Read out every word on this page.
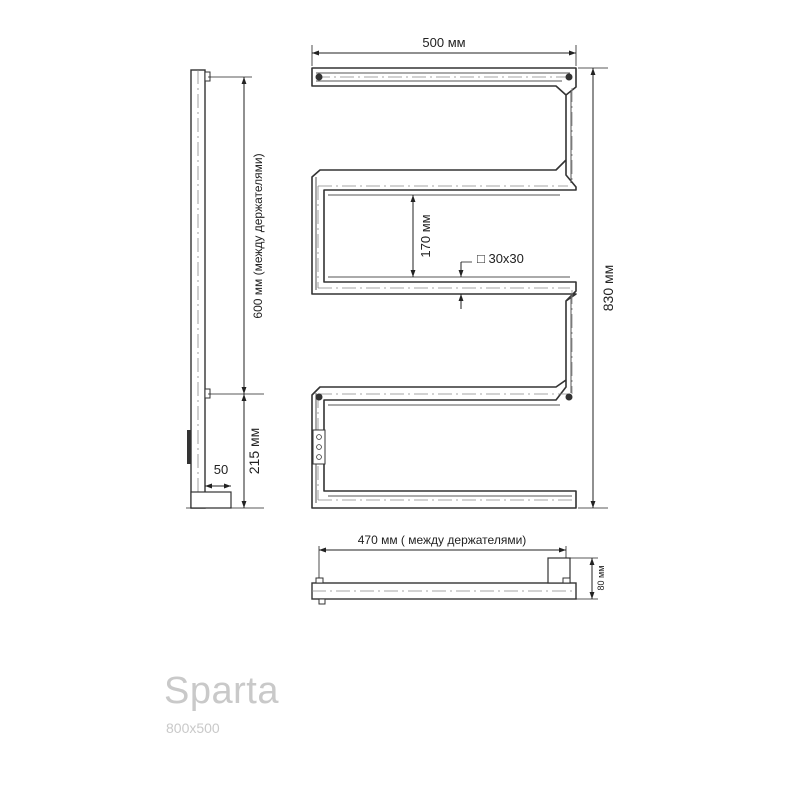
500 мм
830 мм
170 мм
□ 30х30
600 мм (между держателями)
215 мм
50
470 мм ( между держателями)
80 мм
Sparta
800х500
